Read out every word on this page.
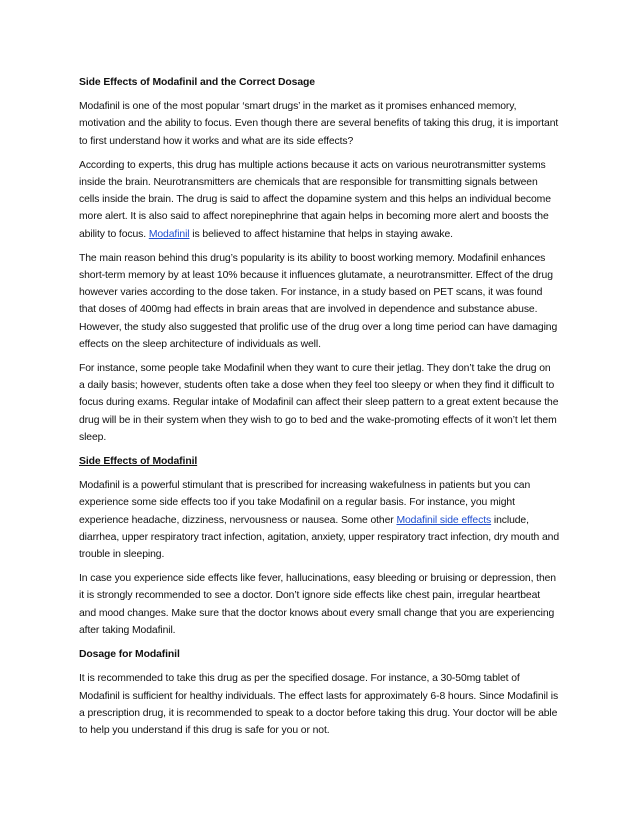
Side Effects of Modafinil and the Correct Dosage

Modafinil is one of the most popular ‘smart drugs’ in the market as it promises enhanced memory, motivation and the ability to focus. Even though there are several benefits of taking this drug, it is important to first understand how it works and what are its side effects?

According to experts, this drug has multiple actions because it acts on various neurotransmitter systems inside the brain. Neurotransmitters are chemicals that are responsible for transmitting signals between cells inside the brain. The drug is said to affect the dopamine system and this helps an individual become more alert. It is also said to affect norepinephrine that again helps in becoming more alert and boosts the ability to focus. Modafinil is believed to affect histamine that helps in staying awake.

The main reason behind this drug’s popularity is its ability to boost working memory. Modafinil enhances short-term memory by at least 10% because it influences glutamate, a neurotransmitter. Effect of the drug however varies according to the dose taken. For instance, in a study based on PET scans, it was found that doses of 400mg had effects in brain areas that are involved in dependence and substance abuse. However, the study also suggested that prolific use of the drug over a long time period can have damaging effects on the sleep architecture of individuals as well.

For instance, some people take Modafinil when they want to cure their jetlag. They don’t take the drug on a daily basis; however, students often take a dose when they feel too sleepy or when they find it difficult to focus during exams. Regular intake of Modafinil can affect their sleep pattern to a great extent because the drug will be in their system when they wish to go to bed and the wake-promoting effects of it won’t let them sleep.

Side Effects of Modafinil

Modafinil is a powerful stimulant that is prescribed for increasing wakefulness in patients but you can experience some side effects too if you take Modafinil on a regular basis. For instance, you might experience headache, dizziness, nervousness or nausea. Some other Modafinil side effects include, diarrhea, upper respiratory tract infection, agitation, anxiety, upper respiratory tract infection, dry mouth and trouble in sleeping.

In case you experience side effects like fever, hallucinations, easy bleeding or bruising or depression, then it is strongly recommended to see a doctor. Don’t ignore side effects like chest pain, irregular heartbeat and mood changes. Make sure that the doctor knows about every small change that you are experiencing after taking Modafinil.

Dosage for Modafinil

It is recommended to take this drug as per the specified dosage. For instance, a 30-50mg tablet of Modafinil is sufficient for healthy individuals. The effect lasts for approximately 6-8 hours. Since Modafinil is a prescription drug, it is recommended to speak to a doctor before taking this drug. Your doctor will be able to help you understand if this drug is safe for you or not.
